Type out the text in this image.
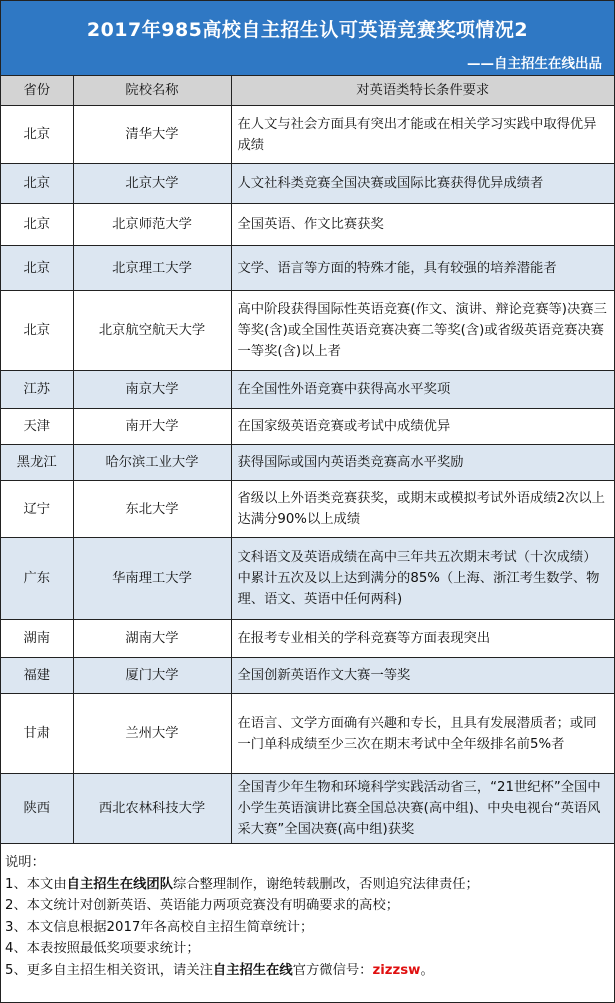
2017年985高校自主招生认可英语竞赛奖项情况2
——自主招生在线出品
省份	院校名称	对英语类特长条件要求
北京	清华大学	在人文与社会方面具有突出才能或在相关学习实践中取得优异成绩
北京	北京大学	人文社科类竞赛全国决赛或国际比赛获得优异成绩者
北京	北京师范大学	全国英语、作文比赛获奖
北京	北京理工大学	文学、语言等方面的特殊才能，具有较强的培养潜能者
北京	北京航空航天大学	高中阶段获得国际性英语竞赛(作文、演讲、辩论竞赛等)决赛三等奖(含)或全国性英语竞赛决赛二等奖(含)或省级英语竞赛决赛一等奖(含)以上者
江苏	南京大学	在全国性外语竞赛中获得高水平奖项
天津	南开大学	在国家级英语竞赛或考试中成绩优异
黑龙江	哈尔滨工业大学	获得国际或国内英语类竞赛高水平奖励
辽宁	东北大学	省级以上外语类竞赛获奖，或期末或模拟考试外语成绩2次以上达满分90%以上成绩
广东	华南理工大学	文科语文及英语成绩在高中三年共五次期末考试（十次成绩）中累计五次及以上达到满分的85%（上海、浙江考生数学、物理、语文、英语中任何两科)
湖南	湖南大学	在报考专业相关的学科竞赛等方面表现突出
福建	厦门大学	全国创新英语作文大赛一等奖
甘肃	兰州大学	在语言、文学方面确有兴趣和专长，且具有发展潜质者；或同一门单科成绩至少三次在期末考试中全年级排名前5%者
陕西	西北农林科技大学	全国青少年生物和环境科学实践活动省三，“21世纪杯”全国中小学生英语演讲比赛全国总决赛(高中组)、中央电视台“英语风采大赛”全国决赛(高中组)获奖
说明：
1、本文由自主招生在线团队综合整理制作，谢绝转载删改，否则追究法律责任；
2、本文统计对创新英语、英语能力两项竞赛没有明确要求的高校；
3、本文信息根据2017年各高校自主招生简章统计；
4、本表按照最低奖项要求统计；
5、更多自主招生相关资讯，请关注自主招生在线官方微信号：zizzsw。
